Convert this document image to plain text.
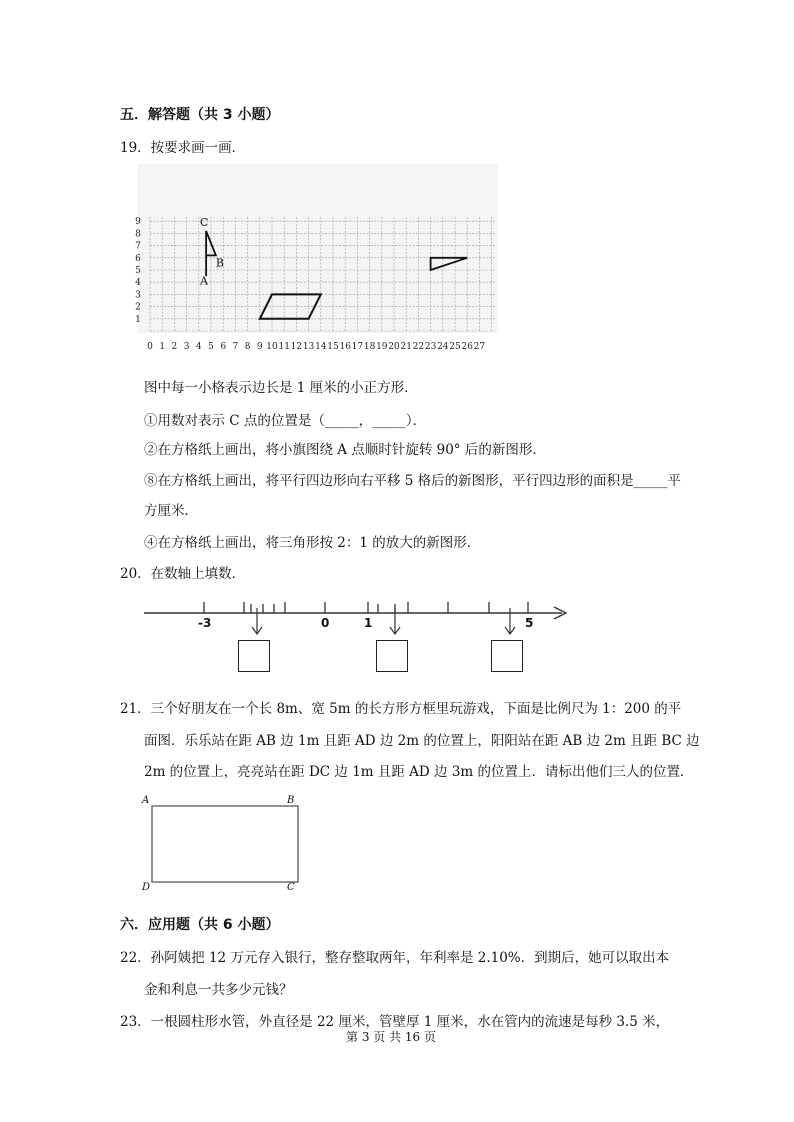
五．解答题（共 3 小题）
19．按要求画一画．
0 1 2 3 4 5 6 7 8 9 10 11 12 13 14 15 16 17 18 19 20 21 22 23 24 25 26 27
1
2
3
4
5
6
7
8
9
A
B
C
图中每一小格表示边长是 1 厘米的小正方形．
①用数对表示 C 点的位置是（_____，_____）．
②在方格纸上画出，将小旗图绕 A 点顺时针旋转 90° 后的新图形．
⑧在方格纸上画出，将平行四边形向右平移 5 格后的新图形，平行四边形的面积是_____平
方厘米．
④在方格纸上画出，将三角形按 2：1 的放大的新图形．
20．在数轴上填数．
-3	0	1	5
21．三个好朋友在一个长 8m、宽 5m 的长方形方框里玩游戏，下面是比例尺为 1：200 的平
面图．乐乐站在距 AB 边 1m 且距 AD 边 2m 的位置上，阳阳站在距 AB 边 2m 且距 BC 边
2m 的位置上，亮亮站在距 DC 边 1m 且距 AD 边 3m 的位置上．请标出他们三人的位置．
A	B
C
D
六．应用题（共 6 小题）
22．孙阿姨把 12 万元存入银行，整存整取两年，年利率是 2.10%．到期后，她可以取出本
金和利息一共多少元钱？
23．一根圆柱形水管，外直径是 22 厘米，管壁厚 1 厘米，水在管内的流速是每秒 3.5 米，
第 3 页 共 16 页
